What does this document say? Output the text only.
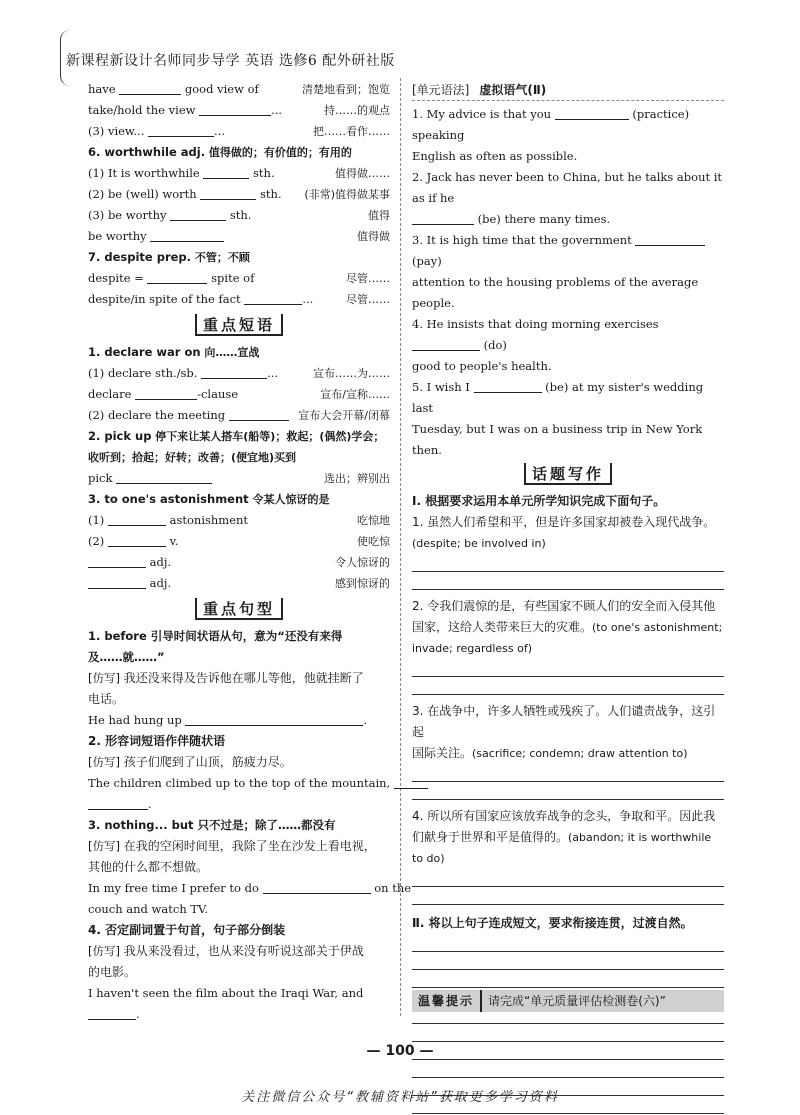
新课程新设计名师同步导学 英语 选修6 配外研社版
have	good view of	清楚地看到；饱览
take/hold the view	...	持……的观点
(3) view...	...	把……看作……
6. worthwhile adj. 值得做的；有价值的；有用的
(1) It is worthwhile	sth.	值得做……
(2) be (well) worth	sth. (非常)值得做某事
(3) be worthy	sth.	值得
be worthy	值得做
7. despite prep. 不管；不顾
despite =	spite of	尽管……
despite/in spite of the fact	...	尽管……
重点短语
1. declare war on 向……宣战
(1) declare sth./sb.	...	宣布……为……
declare	-clause	宣布/宣称……
(2) declare the meeting	宣布大会开幕/闭幕
2. pick up 停下来让某人搭车(船等)；救起；(偶然)学会；
收听到；拾起；好转；改善；(便宜地)买到
pick	选出；辨别出
3. to one's astonishment 令某人惊讶的是
(1)	astonishment	吃惊地
(2)	v.	使吃惊
adj.	令人惊讶的
adj.	感到惊讶的
重点句型
1. before 引导时间状语从句，意为“还没有来得
及……就……”
[仿写] 我还没来得及告诉他在哪儿等他，他就挂断了
电话。
He had hung up	.
2. 形容词短语作伴随状语
[仿写] 孩子们爬到了山顶，筋疲力尽。
The children climbed up to the top of the mountain,
.
3. nothing... but 只不过是；除了……都没有
[仿写] 在我的空闲时间里，我除了坐在沙发上看电视，
其他的什么都不想做。
In my free time I prefer to do	on the
couch and watch TV.
4. 否定副词置于句首，句子部分倒装
[仿写] 我从来没看过，也从来没有听说这部关于伊战
的电影。
I haven't seen the film about the Iraqi War, and
.
[单元语法] 虚拟语气(Ⅱ)
1. My advice is that you	(practice) speaking
English as often as possible.
2. Jack has never been to China, but he talks about it as if he
(be) there many times.
3. It is high time that the government  (pay)
attention to the housing problems of the average people.
4. He insists that doing morning exercises  (do)
good to people's health.
5. I wish I	(be) at my sister's wedding last
Tuesday, but I was on a business trip in New York then.
话题写作
Ⅰ. 根据要求运用本单元所学知识完成下面句子。
1. 虽然人们希望和平，但是许多国家却被卷入现代战争。
(despite; be involved in)
2. 令我们震惊的是，有些国家不顾人们的安全而入侵其他
国家，这给人类带来巨大的灾难。(to one's astonishment;
invade; regardless of)
3. 在战争中，许多人牺牲或残疾了。人们谴责战争，这引起
国际关注。(sacrifice; condemn; draw attention to)
4. 所以所有国家应该放弃战争的念头，争取和平。因此我
们献身于世界和平是值得的。(abandon; it is worthwhile
to do)
Ⅱ. 将以上句子连成短文，要求衔接连贯，过渡自然。
温馨提示 请完成“单元质量评估检测卷(六)”
— 100 —
关注微信公众号“教辅资料站”获取更多学习资料
